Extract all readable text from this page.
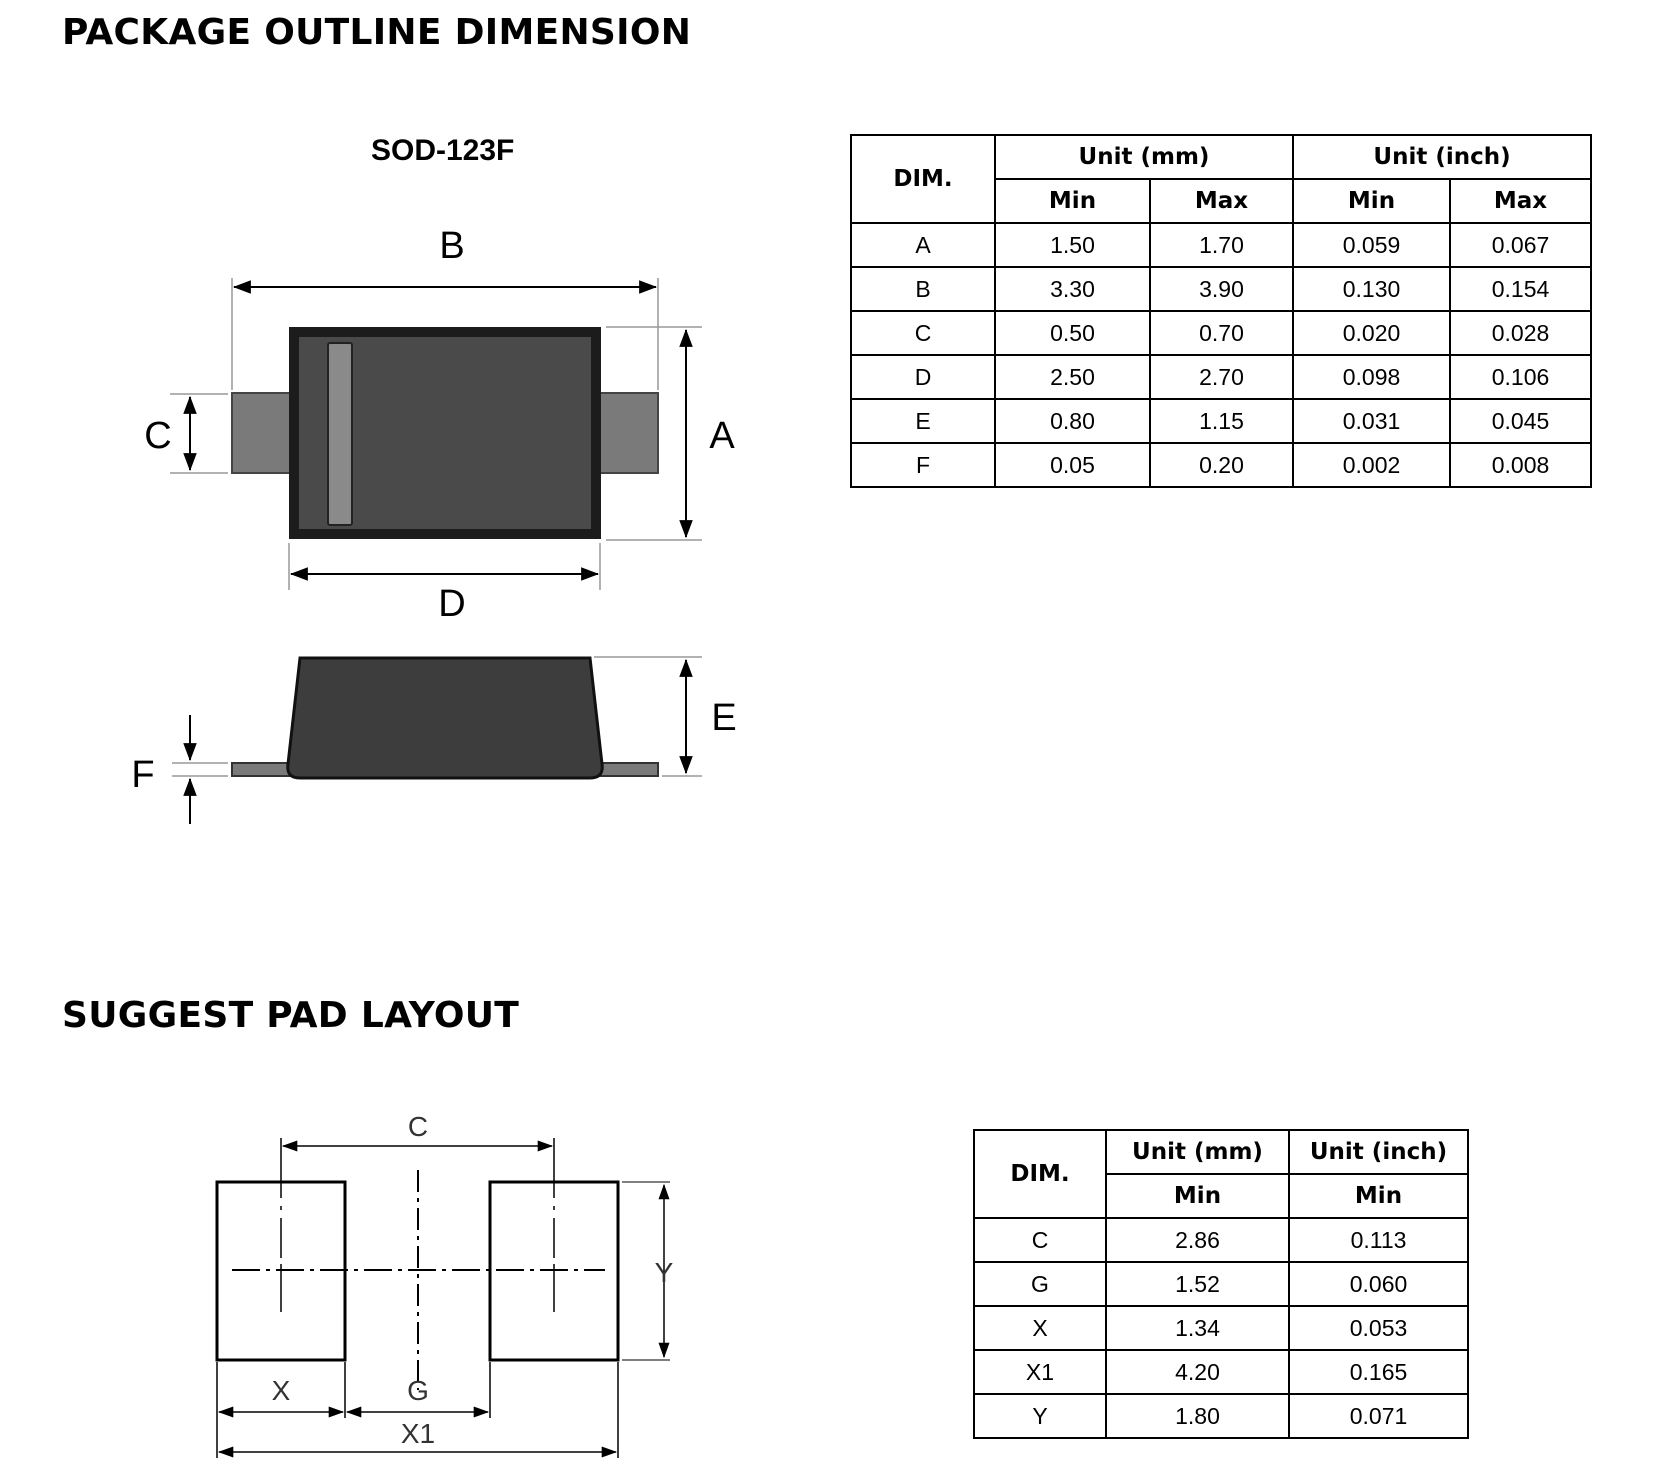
PACKAGE OUTLINE DIMENSION
SOD-123F
B
A
C
D
E
F
DIM.	Unit (mm)		Unit (inch)	
	Min	Max	Min	Max
A	1.50	1.70	0.059	0.067
B	3.30	3.90	0.130	0.154
C	0.50	0.70	0.020	0.028
D	2.50	2.70	0.098	0.106
E	0.80	1.15	0.031	0.045
F	0.05	0.20	0.002	0.008
SUGGEST PAD LAYOUT
C
Y
X	G
X1
DIM.	Unit (mm)	Unit (inch)
	Min	Min
C	2.86	0.113
G	1.52	0.060
X	1.34	0.053
X1	4.20	0.165
Y	1.80	0.071
